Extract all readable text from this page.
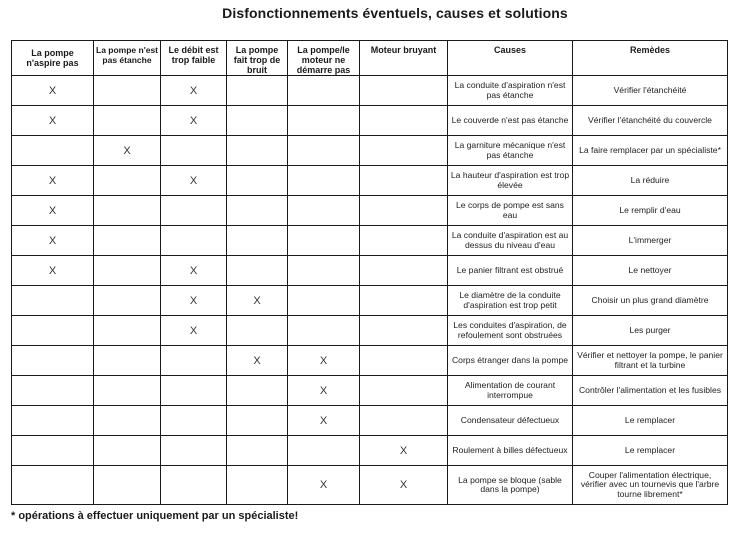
Disfonctionnements éventuels, causes et solutions
La pompe n'aspire pas	La pompe n'est pas étanche	Le débit est trop faible	La pompe fait trop de bruit	La pompe/le moteur ne démarre pas	Moteur bruyant	Causes	Remèdes
X		X				La conduite d'aspiration n'est pas étanche	Vérifier l'étanchéité
X		X				Le couverde n'est pas étanche	Vérifier l'étanchéité du couvercle
	X					La garniture mécanique n'est pas étanche	La faire remplacer par un spécialiste*
X		X				La hauteur d'aspiration est trop élevée	La réduire
X						Le corps de pompe est sans eau	Le remplir d'eau
X						La conduite d'aspiration est au dessus du niveau d'eau	L'immerger
X		X				Le panier filtrant est obstrué	Le nettoyer
		X	X			Le diamètre de la conduite d'aspiration est trop petit	Choisir un plus grand diamètre
		X				Les conduites d'aspiration, de refoulement sont obstruées	Les purger
			X	X		Corps étranger dans la pompe	Vérifier et nettoyer la pompe, le panier filtrant et la turbine
				X		Alimentation de courant interrompue	Contrôler l'alimentation et les fusibles
				X		Condensateur défectueux	Le remplacer
					X	Roulement à billes défectueux	Le remplacer
				X	X	La pompe se bloque (sable dans la pompe)	Couper l'alimentation électrique, vérifier avec un tournevis que l'arbre tourne librement*
* opérations à effectuer uniquement par un spécialiste!
